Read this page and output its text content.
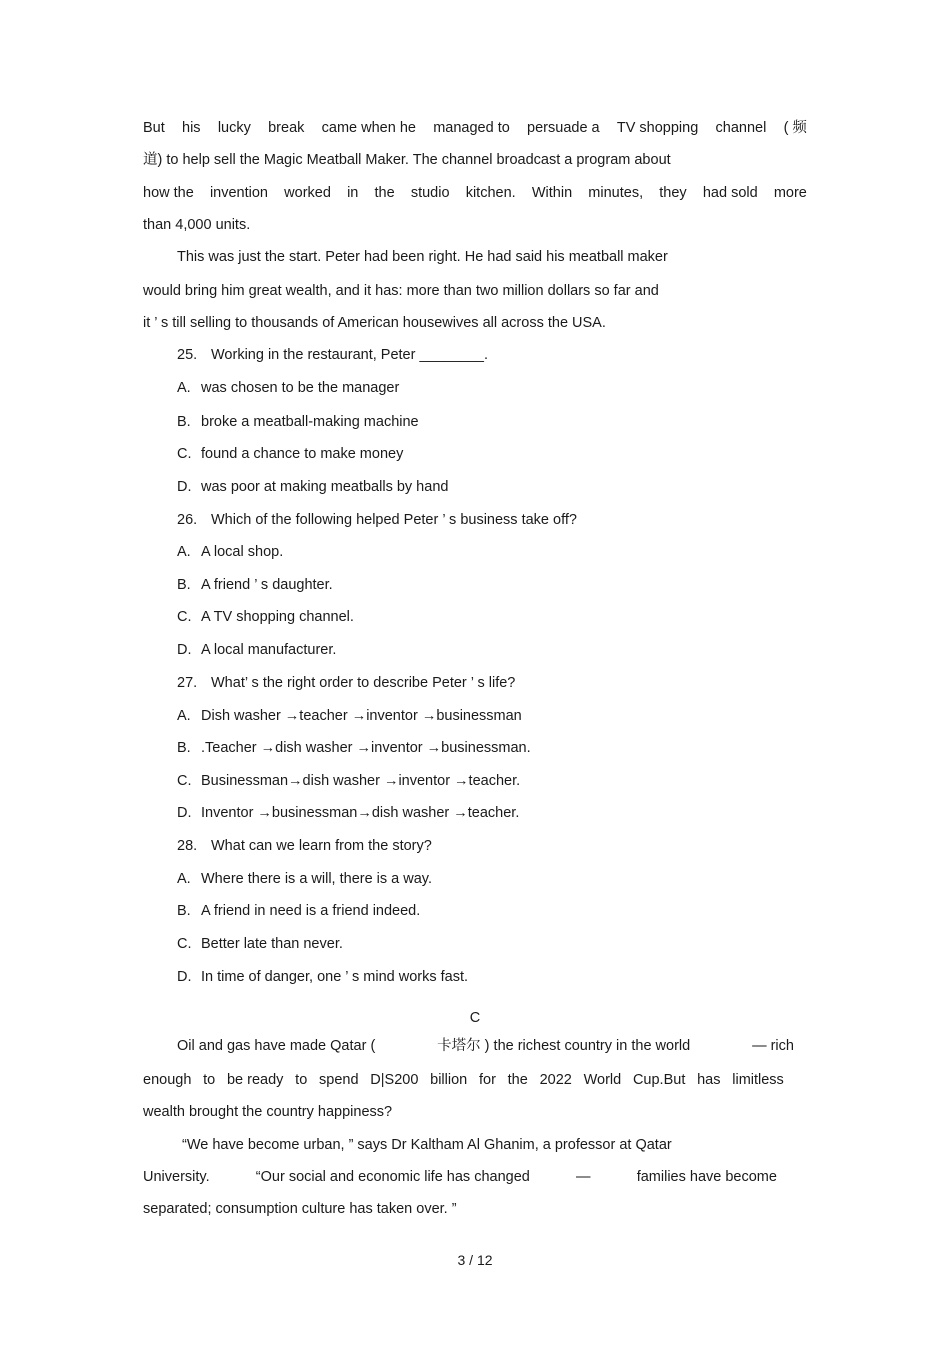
But his lucky break came when he managed to persuade a TV shopping channel ( 频
道) to help sell the Magic Meatball Maker. The channel broadcast a program about
how the invention worked in the studio kitchen. Within minutes, they had sold more
than 4,000 units.
This was just the start. Peter had been right. He had said his meatball maker
would bring him great wealth, and it has: more than two million dollars so far and
it ’ s till selling to thousands of American housewives all across the USA.
25. Working in the restaurant, Peter ________.
A. was chosen to be the manager
B. broke a meatball-making machine
C. found a chance to make money
D. was poor at making meatballs by hand
26. Which of the following helped Peter ’ s business take off?
A. A local shop.
B. A friend ’ s daughter.
C. A TV shopping channel.
D. A local manufacturer.
27. What’ s the right order to describe Peter ’ s life?
A. Dish washer →teacher →inventor →businessman
B. .Teacher →dish washer →inventor →businessman.
C. Businessman→dish washer →inventor →teacher.
D. Inventor →businessman→dish washer →teacher.
28. What can we learn from the story?
A. Where there is a will, there is a way.
B. A friend in need is a friend indeed.
C. Better late than never.
D. In time of danger, one ’ s mind works fast.
C
Oil and gas have made Qatar (	卡塔尔 ) the richest country in the world	— rich
enough to be ready to spend D|S200 billion for the 2022 World Cup.But has limitless
wealth brought the country happiness?
“We have become urban, ” says Dr Kaltham Al Ghanim, a professor at Qatar
University.	“Our social and economic life has changed	—	families have become
separated; consumption culture has taken over. ”
3 / 12
